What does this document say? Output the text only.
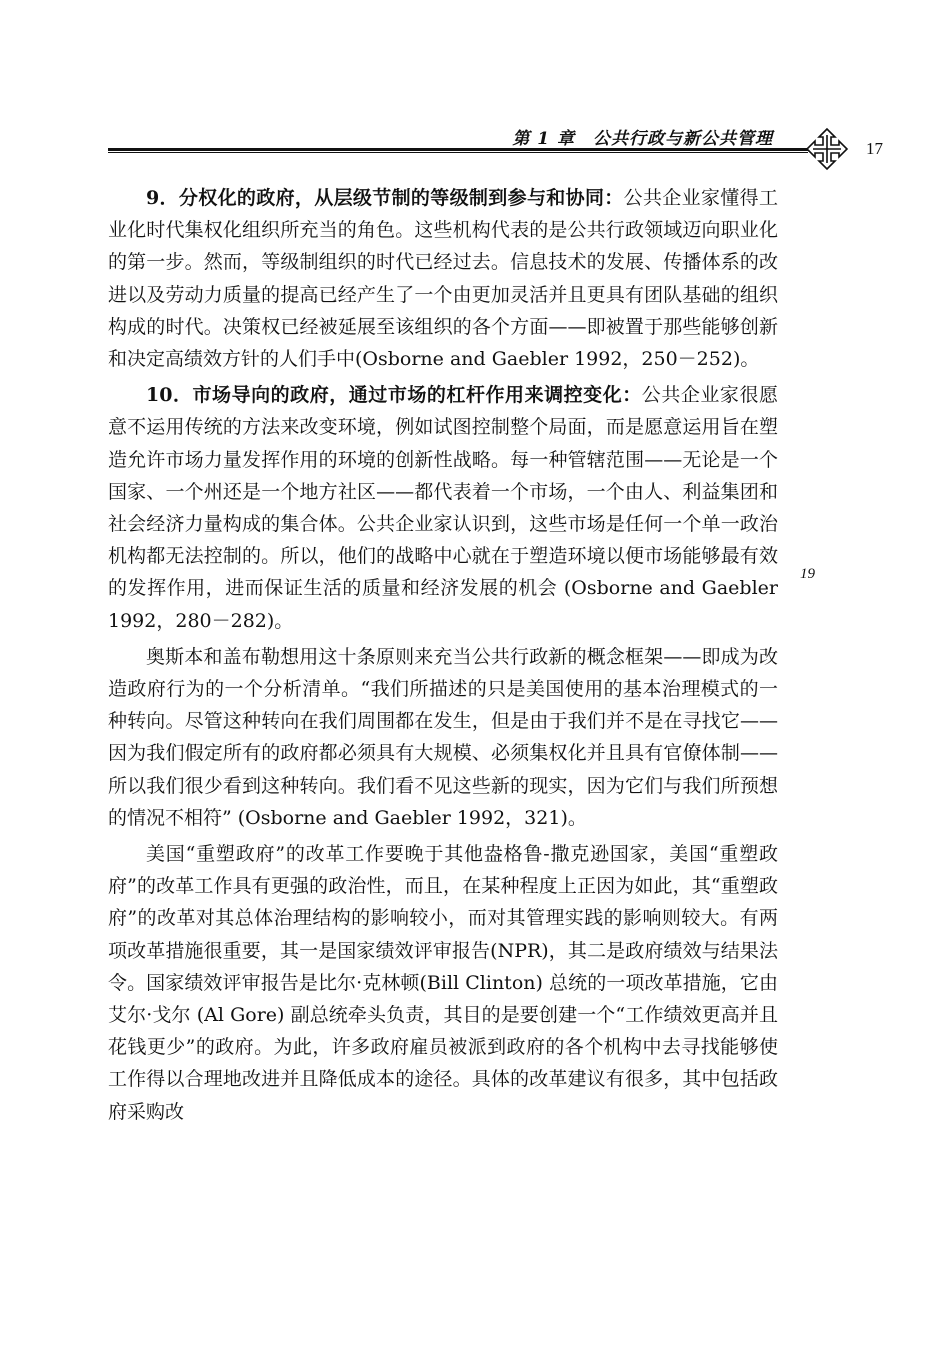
第 1 章　公共行政与新公共管理	17
19

9．分权化的政府，从层级节制的等级制到参与和协同：公共企业家懂得工业化时代集权化组织所充当的角色。这些机构代表的是公共行政领域迈向职业化的第一步。然而，等级制组织的时代已经过去。信息技术的发展、传播体系的改进以及劳动力质量的提高已经产生了一个由更加灵活并且更具有团队基础的组织构成的时代。决策权已经被延展至该组织的各个方面——即被置于那些能够创新和决定高绩效方针的人们手中(Osborne and Gaebler 1992，250－252)。

10．市场导向的政府，通过市场的杠杆作用来调控变化：公共企业家很愿意不运用传统的方法来改变环境，例如试图控制整个局面，而是愿意运用旨在塑造允许市场力量发挥作用的环境的创新性战略。每一种管辖范围——无论是一个国家、一个州还是一个地方社区——都代表着一个市场，一个由人、利益集团和社会经济力量构成的集合体。公共企业家认识到，这些市场是任何一个单一政治机构都无法控制的。所以，他们的战略中心就在于塑造环境以便市场能够最有效的发挥作用，进而保证生活的质量和经济发展的机会 (Osborne and Gaebler 1992，280－282)。

奥斯本和盖布勒想用这十条原则来充当公共行政新的概念框架——即成为改造政府行为的一个分析清单。“我们所描述的只是美国使用的基本治理模式的一种转向。尽管这种转向在我们周围都在发生，但是由于我们并不是在寻找它——因为我们假定所有的政府都必须具有大规模、必须集权化并且具有官僚体制——所以我们很少看到这种转向。我们看不见这些新的现实，因为它们与我们所预想的情况不相符” (Osborne and Gaebler 1992，321)。

美国“重塑政府”的改革工作要晚于其他盎格鲁-撒克逊国家，美国“重塑政府”的改革工作具有更强的政治性，而且，在某种程度上正因为如此，其“重塑政府”的改革对其总体治理结构的影响较小，而对其管理实践的影响则较大。有两项改革措施很重要，其一是国家绩效评审报告(NPR)，其二是政府绩效与结果法令。国家绩效评审报告是比尔·克林顿(Bill Clinton) 总统的一项改革措施，它由艾尔·戈尔 (Al Gore) 副总统牵头负责，其目的是要创建一个“工作绩效更高并且花钱更少”的政府。为此，许多政府雇员被派到政府的各个机构中去寻找能够使工作得以合理地改进并且降低成本的途径。具体的改革建议有很多，其中包括政府采购改
